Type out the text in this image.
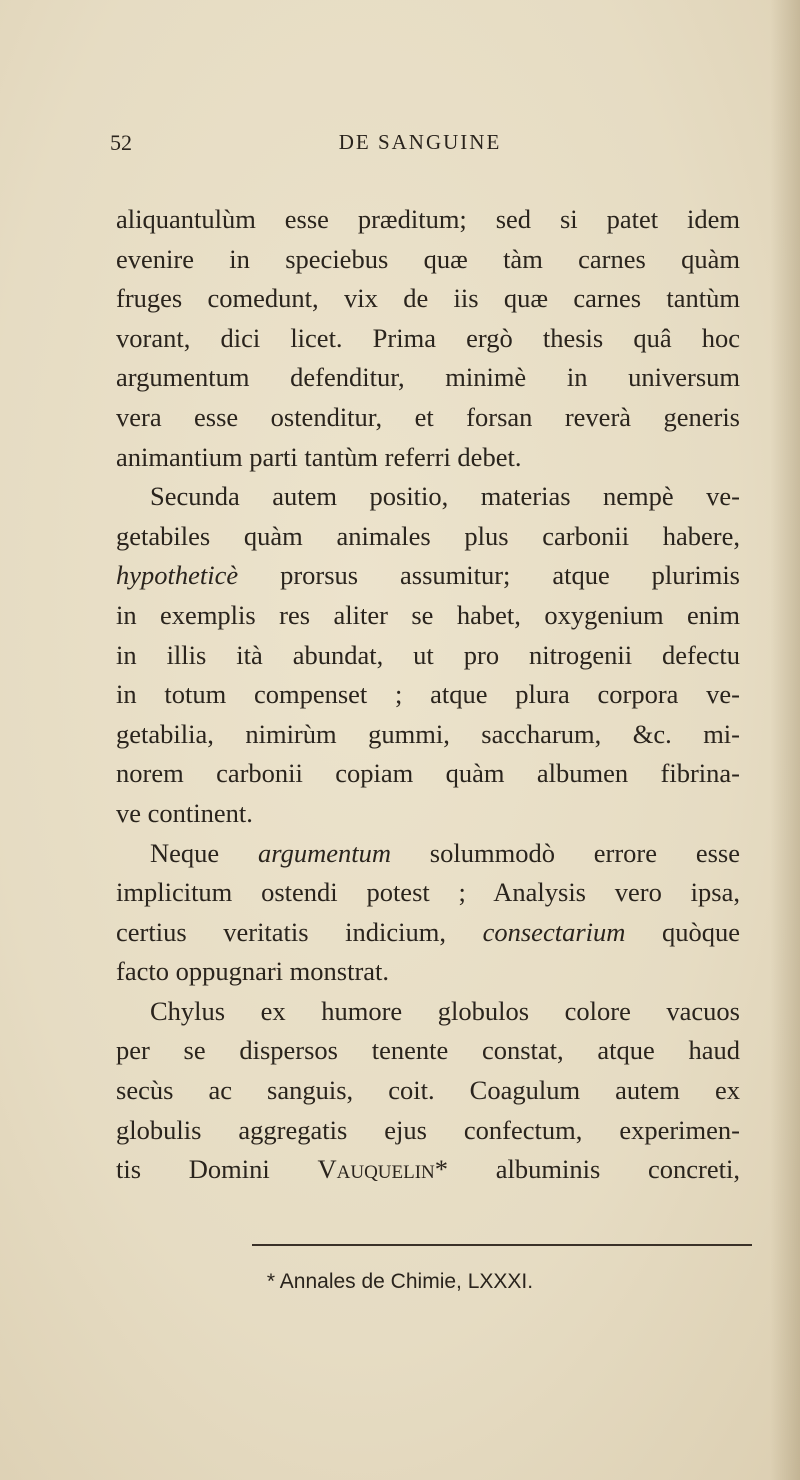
52	DE SANGUINE
aliquantulùm esse præditum; sed si patet idem
evenire in speciebus quæ tàm carnes quàm
fruges comedunt, vix de iis quæ carnes tantùm
vorant, dici licet. Prima ergò thesis quâ hoc
argumentum defenditur, minimè in universum
vera esse ostenditur, et forsan reverà generis
animantium parti tantùm referri debet.
Secunda autem positio, materias nempè ve-
getabiles quàm animales plus carbonii habere,
hypotheticè prorsus assumitur; atque plurimis
in exemplis res aliter se habet, oxygenium enim
in illis ità abundat, ut pro nitrogenii defectu
in totum compenset ; atque plura corpora ve-
getabilia, nimirùm gummi, saccharum, &c. mi-
norem carbonii copiam quàm albumen fibrina-
ve continent.
Neque argumentum solummodò errore esse
implicitum ostendi potest ; Analysis vero ipsa,
certius veritatis indicium, consectarium quòque
facto oppugnari monstrat.
Chylus ex humore globulos colore vacuos
per se dispersos tenente constat, atque haud
secùs ac sanguis, coit. Coagulum autem ex
globulis aggregatis ejus confectum, experimen-
tis Domini Vauquelin* albuminis concreti,
* Annales de Chimie, LXXXI.
